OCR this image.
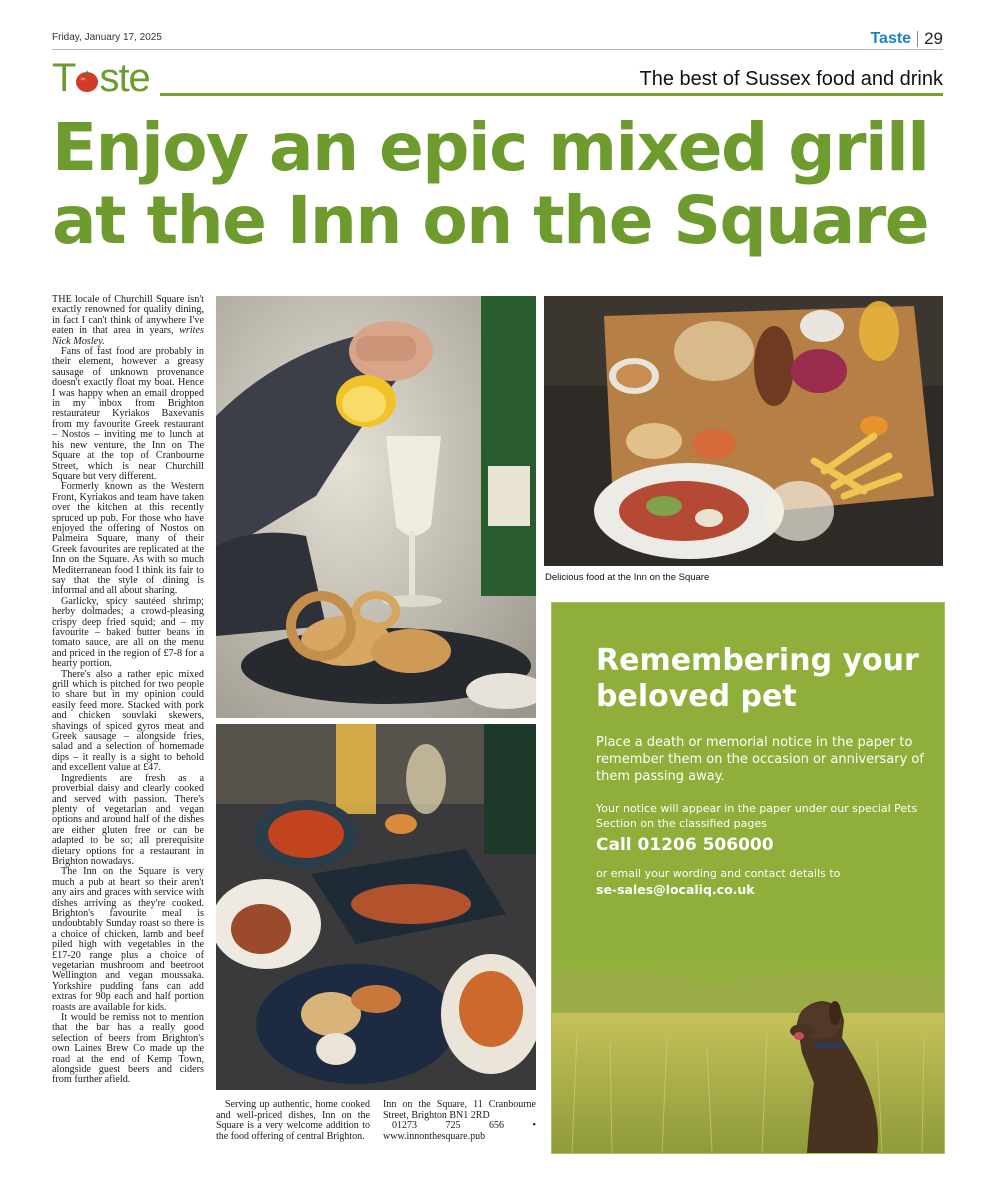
Friday, January 17, 2025	Taste 29
T ste	The best of Sussex food and drink
Enjoy an epic mixed grill at the Inn on the Square

THE locale of Churchill Square isn't exactly renowned for quality dining, in fact I can't think of anywhere I've eaten in that area in years, writes Nick Mosley.

Fans of fast food are probably in their element, however a greasy sausage of unknown provenance doesn't exactly float my boat. Hence I was happy when an email dropped in my inbox from Brighton restaurateur Kyriakos Baxevanis from my favourite Greek restaurant – Nostos – inviting me to lunch at his new venture, the Inn on The Square at the top of Cranbourne Street, which is near Churchill Square but very different.

Formerly known as the Western Front, Kyriakos and team have taken over the kitchen at this recently spruced up pub. For those who have enjoyed the offering of Nostos on Palmeira Square, many of their Greek favourites are replicated at the Inn on the Square. As with so much Mediterranean food I think its fair to say that the style of dining is informal and all about sharing.

Garlicky, spicy sautéed shrimp; herby dolmades; a crowd-pleasing crispy deep fried squid; and – my favourite – baked butter beans in tomato sauce, are all on the menu and priced in the region of £7-8 for a hearty portion.

There's also a rather epic mixed grill which is pitched for two people to share but in my opinion could easily feed more. Stacked with pork and chicken souvlaki skewers, shavings of spiced gyros meat and Greek sausage – alongside fries, salad and a selection of homemade dips – it really is a sight to behold and excellent value at £47.

Ingredients are fresh as a proverbial daisy and clearly cooked and served with passion. There's plenty of vegetarian and vegan options and around half of the dishes are either gluten free or can be adapted to be so; all prerequisite dietary options for a restaurant in Brighton nowadays.

The Inn on the Square is very much a pub at heart so their aren't any airs and graces with service with dishes arriving as they're cooked. Brighton's favourite meal is undoubtably Sunday roast so there is a choice of chicken, lamb and beef piled high with vegetables in the £17-20 range plus a choice of vegetarian mushroom and beetroot Wellington and vegan moussaka. Yorkshire pudding fans can add extras for 90p each and half portion roasts are available for kids.

It would be remiss not to mention that the bar has a really good selection of beers from Brighton's own Laines Brew Co made up the road at the end of Kemp Town, alongside guest beers and ciders from further afield.

Delicious food at the Inn on the Square

Serving up authentic, home cooked and well-priced dishes, Inn on the Square is a very welcome addition to the food offering of central Brighton.

Inn on the Square, 11 Cranbourne Street, Brighton BN1 2RD

01273 725 656 • www.innonthesquare.pub

Remembering your beloved pet

Place a death or memorial notice in the paper to remember them on the occasion or anniversary of them passing away.

Your notice will appear in the paper under our special Pets Section on the classified pages

Call 01206 506000

or email your wording and contact details to

se-sales@localiq.co.uk
